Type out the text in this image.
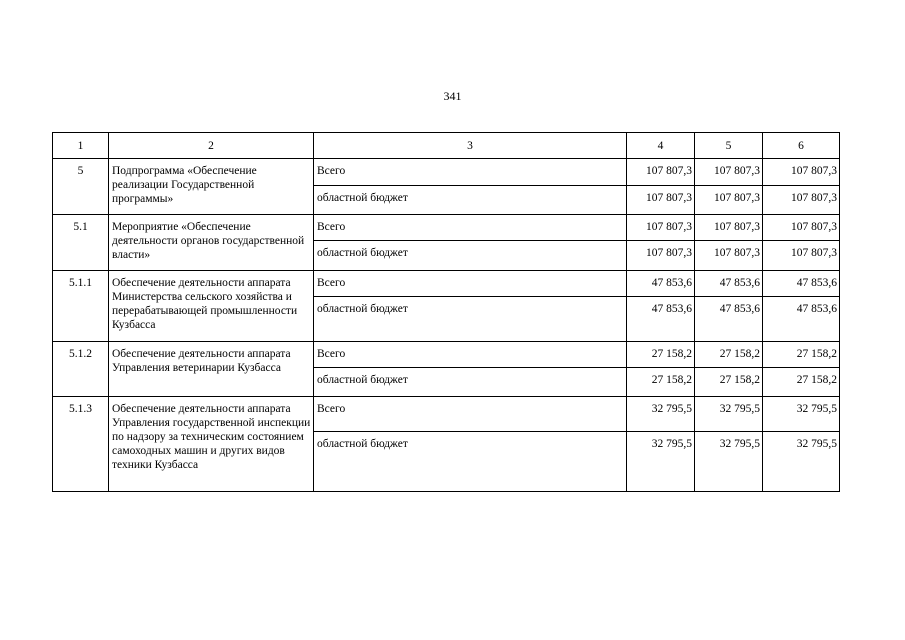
341
1	2	3	4	5	6
5	Подпрограмма «Обеспечение реализации Государственной программы»	Всего	107 807,3	107 807,3	107 807,3
		областной бюджет	107 807,3	107 807,3	107 807,3
5.1	Мероприятие «Обеспечение деятельности органов государственной власти»	Всего	107 807,3	107 807,3	107 807,3
		областной бюджет	107 807,3	107 807,3	107 807,3
5.1.1	Обеспечение деятельности аппарата Министерства сельского хозяйства и перерабатывающей промышленности Кузбасса	Всего	47 853,6	47 853,6	47 853,6
		областной бюджет	47 853,6	47 853,6	47 853,6
5.1.2	Обеспечение деятельности аппарата Управления ветеринарии Кузбасса	Всего	27 158,2	27 158,2	27 158,2
		областной бюджет	27 158,2	27 158,2	27 158,2
5.1.3	Обеспечение деятельности аппарата Управления государственной инспекции по надзору за техническим состоянием самоходных машин и других видов техники Кузбасса	Всего	32 795,5	32 795,5	32 795,5
		областной бюджет	32 795,5	32 795,5	32 795,5
